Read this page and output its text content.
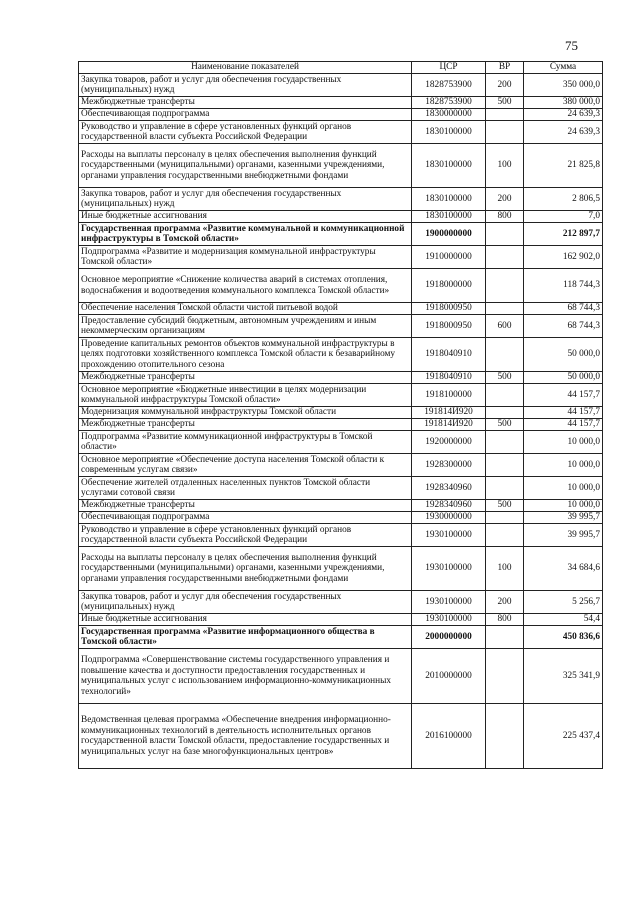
75
Наименование показателей	ЦСР	ВР	Сумма
Закупка товаров, работ и услуг для обеспечения государственных (муниципальных) нужд	1828753900	200	350 000,0
Межбюджетные трансферты	1828753900	500	380 000,0
Обеспечивающая подпрограмма	1830000000		24 639,3
Руководство и управление в сфере установленных функций органов государственной власти субъекта Российской Федерации	1830100000		24 639,3
Расходы на выплаты персоналу в целях обеспечения выполнения функций государственными (муниципальными) органами, казенными учреждениями, органами управления государственными внебюджетными фондами	1830100000	100	21 825,8
Закупка товаров, работ и услуг для обеспечения государственных (муниципальных) нужд	1830100000	200	2 806,5
Иные бюджетные ассигнования	1830100000	800	7,0
Государственная программа «Развитие коммунальной и коммуникационной инфраструктуры в Томской области»	1900000000		212 897,7
Подпрограмма «Развитие и модернизация коммунальной инфраструктуры Томской области»	1910000000		162 902,0
Основное мероприятие «Снижение количества аварий в системах отопления, водоснабжения и водоотведения коммунального комплекса Томской области»	1918000000		118 744,3
Обеспечение населения Томской области чистой питьевой водой	1918000950		68 744,3
Предоставление субсидий бюджетным, автономным учреждениям и иным некоммерческим организациям	1918000950	600	68 744,3
Проведение капитальных ремонтов объектов коммунальной инфраструктуры в целях подготовки хозяйственного комплекса Томской области к безаварийному прохождению отопительного сезона	1918040910		50 000,0
Межбюджетные трансферты	1918040910	500	50 000,0
Основное мероприятие «Бюджетные инвестиции в целях модернизации коммунальной инфраструктуры Томской области»	1918100000		44 157,7
Модернизация коммунальной инфраструктуры Томской области	191814И920		44 157,7
Межбюджетные трансферты	191814И920	500	44 157,7
Подпрограмма «Развитие коммуникационной инфраструктуры в Томской области»	1920000000		10 000,0
Основное мероприятие «Обеспечение доступа населения Томской области к современным услугам связи»	1928300000		10 000,0
Обеспечение жителей отдаленных населенных пунктов Томской области услугами сотовой связи	1928340960		10 000,0
Межбюджетные трансферты	1928340960	500	10 000,0
Обеспечивающая подпрограмма	1930000000		39 995,7
Руководство и управление в сфере установленных функций органов государственной власти субъекта Российской Федерации	1930100000		39 995,7
Расходы на выплаты персоналу в целях обеспечения выполнения функций государственными (муниципальными) органами, казенными учреждениями, органами управления государственными внебюджетными фондами	1930100000	100	34 684,6
Закупка товаров, работ и услуг для обеспечения государственных (муниципальных) нужд	1930100000	200	5 256,7
Иные бюджетные ассигнования	1930100000	800	54,4
Государственная программа «Развитие информационного общества в Томской области»	2000000000		450 836,6
Подпрограмма «Совершенствование системы государственного управления и повышение качества и доступности предоставления государственных и муниципальных услуг с использованием информационно-коммуникационных технологий»	2010000000		325 341,9
Ведомственная целевая программа «Обеспечение внедрения информационно-коммуникационных технологий в деятельность исполнительных органов государственной власти Томской области, предоставление государственных и муниципальных услуг на базе многофункциональных центров»	2016100000		225 437,4
